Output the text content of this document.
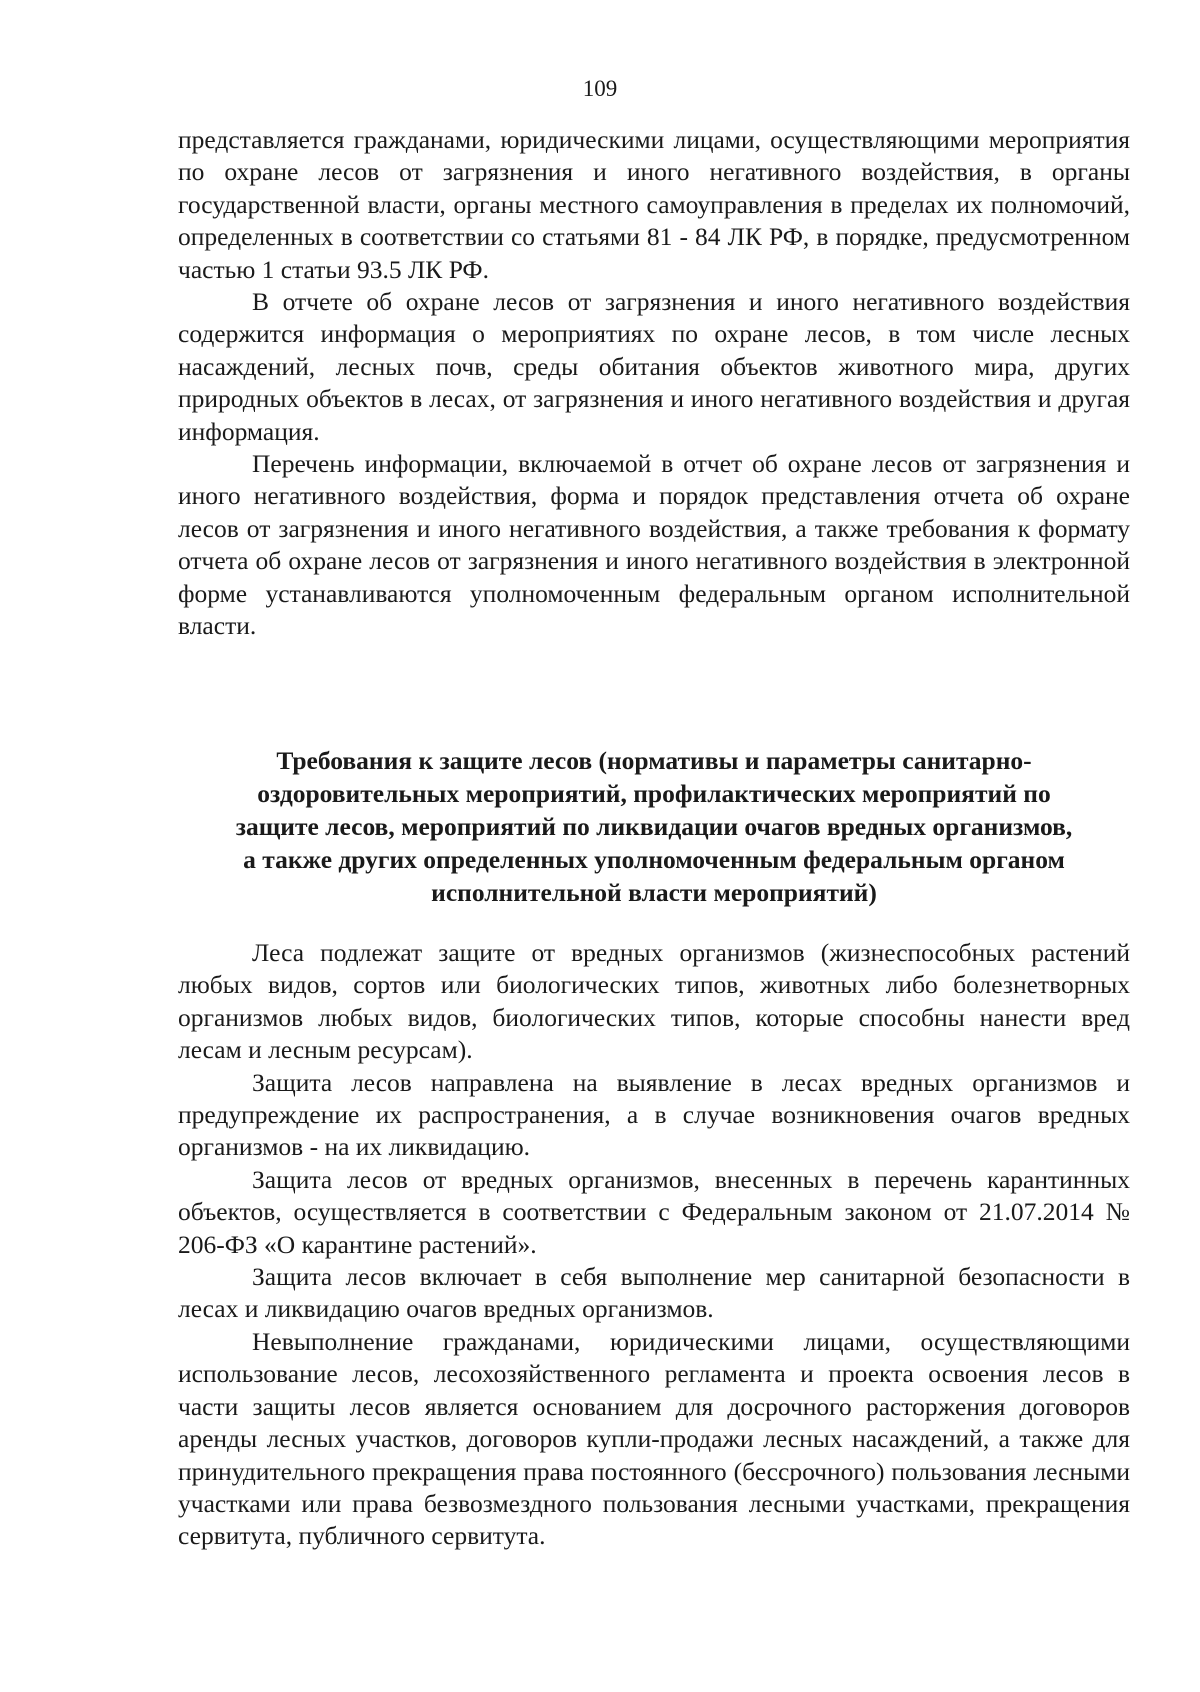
109

представляется гражданами, юридическими лицами, осуществляющими мероприятия по охране лесов от загрязнения и иного негативного воздействия, в органы государственной власти, органы местного самоуправления в пределах их полномочий, определенных в соответствии со статьями 81 - 84 ЛК РФ, в порядке, предусмотренном частью 1 статьи 93.5 ЛК РФ.

В отчете об охране лесов от загрязнения и иного негативного воздействия содержится информация о мероприятиях по охране лесов, в том числе лесных насаждений, лесных почв, среды обитания объектов животного мира, других природных объектов в лесах, от загрязнения и иного негативного воздействия и другая информация.

Перечень информации, включаемой в отчет об охране лесов от загрязнения и иного негативного воздействия, форма и порядок представления отчета об охране лесов от загрязнения и иного негативного воздействия, а также требования к формату отчета об охране лесов от загрязнения и иного негативного воздействия в электронной форме устанавливаются уполномоченным федеральным органом исполнительной власти.

Требования к защите лесов (нормативы и параметры санитарно-
оздоровительных мероприятий, профилактических мероприятий по
защите лесов, мероприятий по ликвидации очагов вредных организмов,
а также других определенных уполномоченным федеральным органом
исполнительной власти мероприятий)

Леса подлежат защите от вредных организмов (жизнеспособных растений любых видов, сортов или биологических типов, животных либо болезнетворных организмов любых видов, биологических типов, которые способны нанести вред лесам и лесным ресурсам).

Защита лесов направлена на выявление в лесах вредных организмов и предупреждение их распространения, а в случае возникновения очагов вредных организмов - на их ликвидацию.

Защита лесов от вредных организмов, внесенных в перечень карантинных объектов, осуществляется в соответствии с Федеральным законом от 21.07.2014 № 206-ФЗ «О карантине растений».

Защита лесов включает в себя выполнение мер санитарной безопасности в лесах и ликвидацию очагов вредных организмов.

Невыполнение гражданами, юридическими лицами, осуществляющими использование лесов, лесохозяйственного регламента и проекта освоения лесов в части защиты лесов является основанием для досрочного расторжения договоров аренды лесных участков, договоров купли-продажи лесных насаждений, а также для принудительного прекращения права постоянного (бессрочного) пользования лесными участками или права безвозмездного пользования лесными участками, прекращения сервитута, публичного сервитута.
